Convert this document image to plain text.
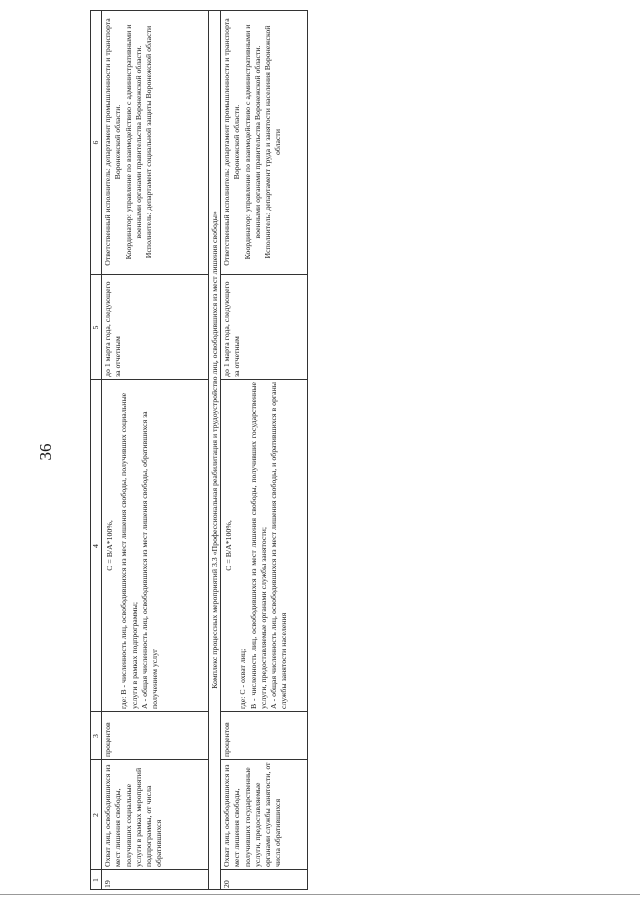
36
1
2
3
4
5
6
19
Охват лиц, освободившихся из мест лишения свободы, получивших социальные услуги в рамках мероприятий подпрограммы, от числа обратившихся
процентов
C = B/A*100%, где: В - численность лиц, освободившихся из мест лишения свободы, получивших социальные услуги в рамках подпрограммы; А - общая численность лиц, освободившихся из мест лишения свободы, обратившихся за получением услуг
до 1 марта года, следующего за отчетным
Ответственный исполнитель: департамент промышленности и транспорта Воронежской области. Координатор: управление по взаимодействию с административными и военными органами правительства Воронежской области. Исполнитель: департамент социальной защиты Воронежской области
Комплекс процессных мероприятий 3.3 «Профессиональная реабилитация и трудоустройство лиц, освободившихся из мест лишения свободы»
20
Охват лиц, освободившихся из мест лишения свободы, получивших государственные услуги, предоставляемые органами службы занятости, от числа обратившихся
процентов
C = B/A*100%,
где: С - охват лиц; В - численность лиц, освободившихся из мест лишения свободы, получивших государственные услуги, предоставляемые органами службы занятости; А - общая численность лиц, освободившихся из мест лишения свободы, и обратившихся в органы службы занятости населения
до 1 марта года, следующего за отчетным
Ответственный исполнитель: департамент промышленности и транспорта Воронежской области. Координатор: управление по взаимодействию с административными и военными органами правительства Воронежской области. Исполнитель: департамент труда и занятости населения Воронежской области
